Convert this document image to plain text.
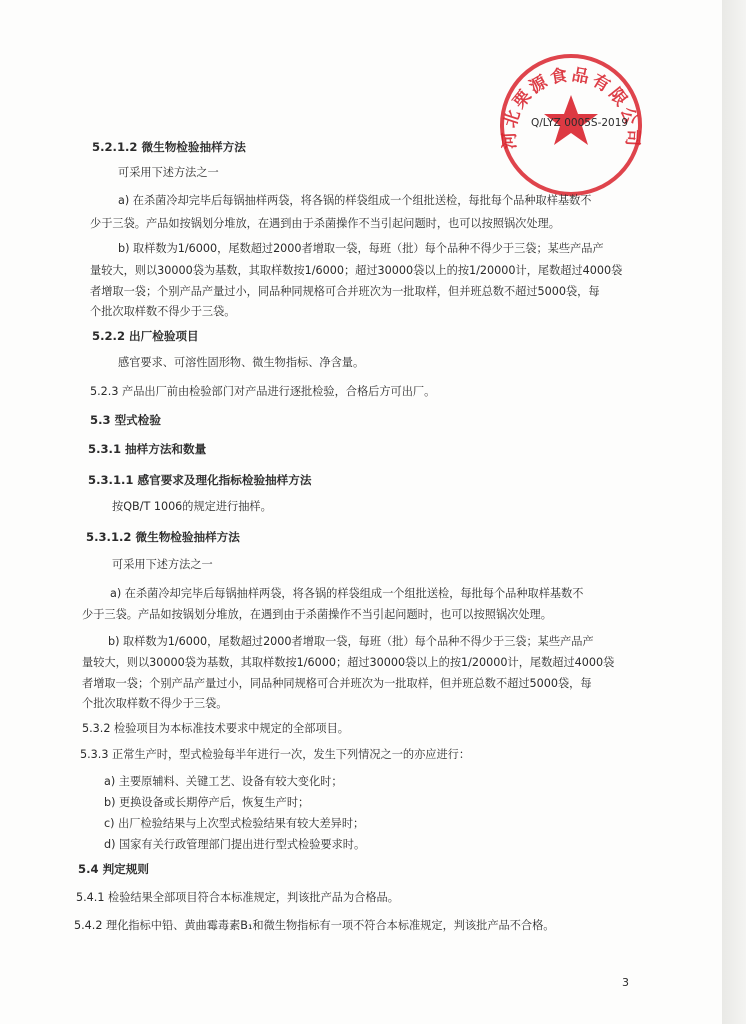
河北栗源食品有限公司
Q/LYZ 0005S-2019
5.2.1.2 微生物检验抽样方法
可采用下述方法之一
a) 在杀菌冷却完毕后每锅抽样两袋，将各锅的样袋组成一个组批送检，每批每个品种取样基数不
少于三袋。产品如按锅划分堆放，在遇到由于杀菌操作不当引起问题时，也可以按照锅次处理。
b) 取样数为1/6000，尾数超过2000者增取一袋，每班（批）每个品种不得少于三袋；某些产品产
量较大，则以30000袋为基数，其取样数按1/6000；超过30000袋以上的按1/20000计，尾数超过4000袋
者增取一袋；个别产品产量过小，同品种同规格可合并班次为一批取样，但并班总数不超过5000袋，每
个批次取样数不得少于三袋。
5.2.2 出厂检验项目
感官要求、可溶性固形物、微生物指标、净含量。
5.2.3 产品出厂前由检验部门对产品进行逐批检验，合格后方可出厂。
5.3 型式检验
5.3.1 抽样方法和数量
5.3.1.1 感官要求及理化指标检验抽样方法
按QB/T 1006的规定进行抽样。
5.3.1.2 微生物检验抽样方法
可采用下述方法之一
a) 在杀菌冷却完毕后每锅抽样两袋，将各锅的样袋组成一个组批送检，每批每个品种取样基数不
少于三袋。产品如按锅划分堆放，在遇到由于杀菌操作不当引起问题时，也可以按照锅次处理。
b) 取样数为1/6000，尾数超过2000者增取一袋，每班（批）每个品种不得少于三袋；某些产品产
量较大，则以30000袋为基数，其取样数按1/6000；超过30000袋以上的按1/20000计，尾数超过4000袋
者增取一袋；个别产品产量过小，同品种同规格可合并班次为一批取样，但并班总数不超过5000袋，每
个批次取样数不得少于三袋。
5.3.2 检验项目为本标准技术要求中规定的全部项目。
5.3.3 正常生产时，型式检验每半年进行一次，发生下列情况之一的亦应进行：
a) 主要原辅料、关键工艺、设备有较大变化时；
b) 更换设备或长期停产后，恢复生产时；
c) 出厂检验结果与上次型式检验结果有较大差异时；
d) 国家有关行政管理部门提出进行型式检验要求时。
5.4 判定规则
5.4.1 检验结果全部项目符合本标准规定，判该批产品为合格品。
5.4.2 理化指标中铅、黄曲霉毒素B₁和微生物指标有一项不符合本标准规定，判该批产品不合格。
3
